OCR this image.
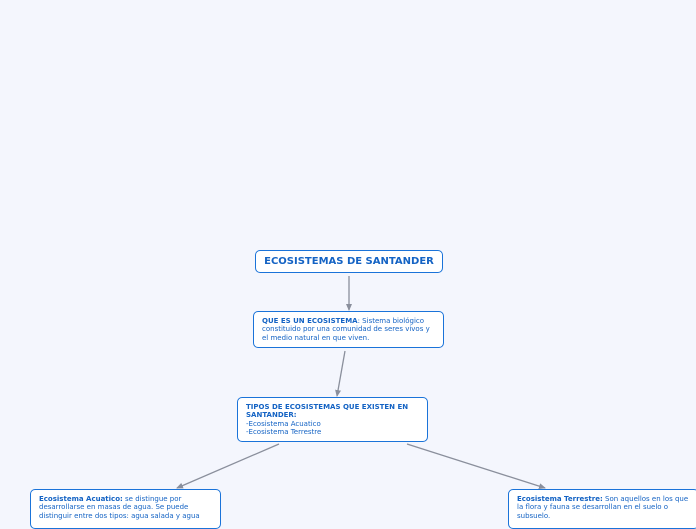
ECOSISTEMAS DE SANTANDER
QUE ES UN ECOSISTEMA: Sistema biológico constituido por una comunidad de seres vivos y el medio natural en que viven.
TIPOS DE ECOSISTEMAS QUE EXISTEN EN SANTANDER:
-Ecosistema Acuatico
-Ecosistema Terrestre
Ecosistema Acuatico: se distingue por desarrollarse en masas de agua. Se puede distinguir entre dos tipos: agua salada y agua
Ecosistema Terrestre: Son aquellos en los que la flora y fauna se desarrollan en el suelo o subsuelo.
